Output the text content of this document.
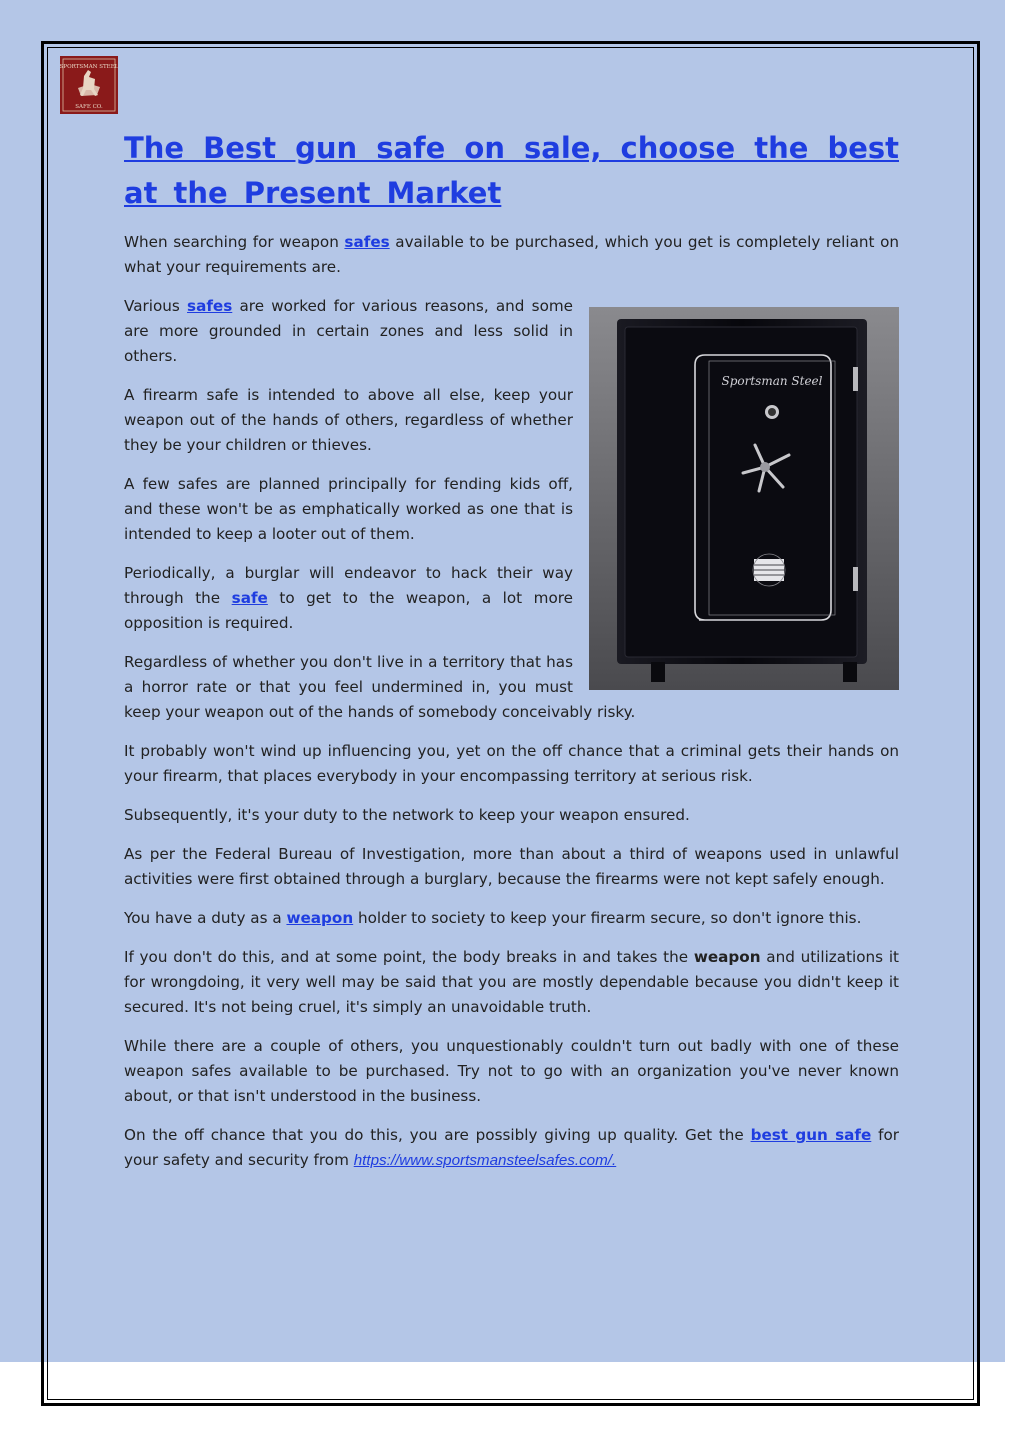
SPORTSMAN STEEL
SAFE CO.
The Best gun safe on sale, choose the best at the Present Market

When searching for weapon safes available to be purchased, which you get is completely reliant on what your requirements are.

Sportsman Steel

Various safes are worked for various reasons, and some are more grounded in certain zones and less solid in others.

A firearm safe is intended to above all else, keep your weapon out of the hands of others, regardless of whether they be your children or thieves.

A few safes are planned principally for fending kids off, and these won't be as emphatically worked as one that is intended to keep a looter out of them.

Periodically, a burglar will endeavor to hack their way through the safe to get to the weapon, a lot more opposition is required.

Regardless of whether you don't live in a territory that has a horror rate or that you feel undermined in, you must keep your weapon out of the hands of somebody conceivably risky.

It probably won't wind up influencing you, yet on the off chance that a criminal gets their hands on your firearm, that places everybody in your encompassing territory at serious risk.

Subsequently, it's your duty to the network to keep your weapon ensured.

As per the Federal Bureau of Investigation, more than about a third of weapons used in unlawful activities were first obtained through a burglary, because the firearms were not kept safely enough.

You have a duty as a weapon holder to society to keep your firearm secure, so don't ignore this.

If you don't do this, and at some point, the body breaks in and takes the weapon and utilizations it for wrongdoing, it very well may be said that you are mostly dependable because you didn't keep it secured. It's not being cruel, it's simply an unavoidable truth.

While there are a couple of others, you unquestionably couldn't turn out badly with one of these weapon safes available to be purchased. Try not to go with an organization you've never known about, or that isn't understood in the business.

On the off chance that you do this, you are possibly giving up quality. Get the best gun safe for your safety and security from https://www.sportsmansteelsafes.com/.
